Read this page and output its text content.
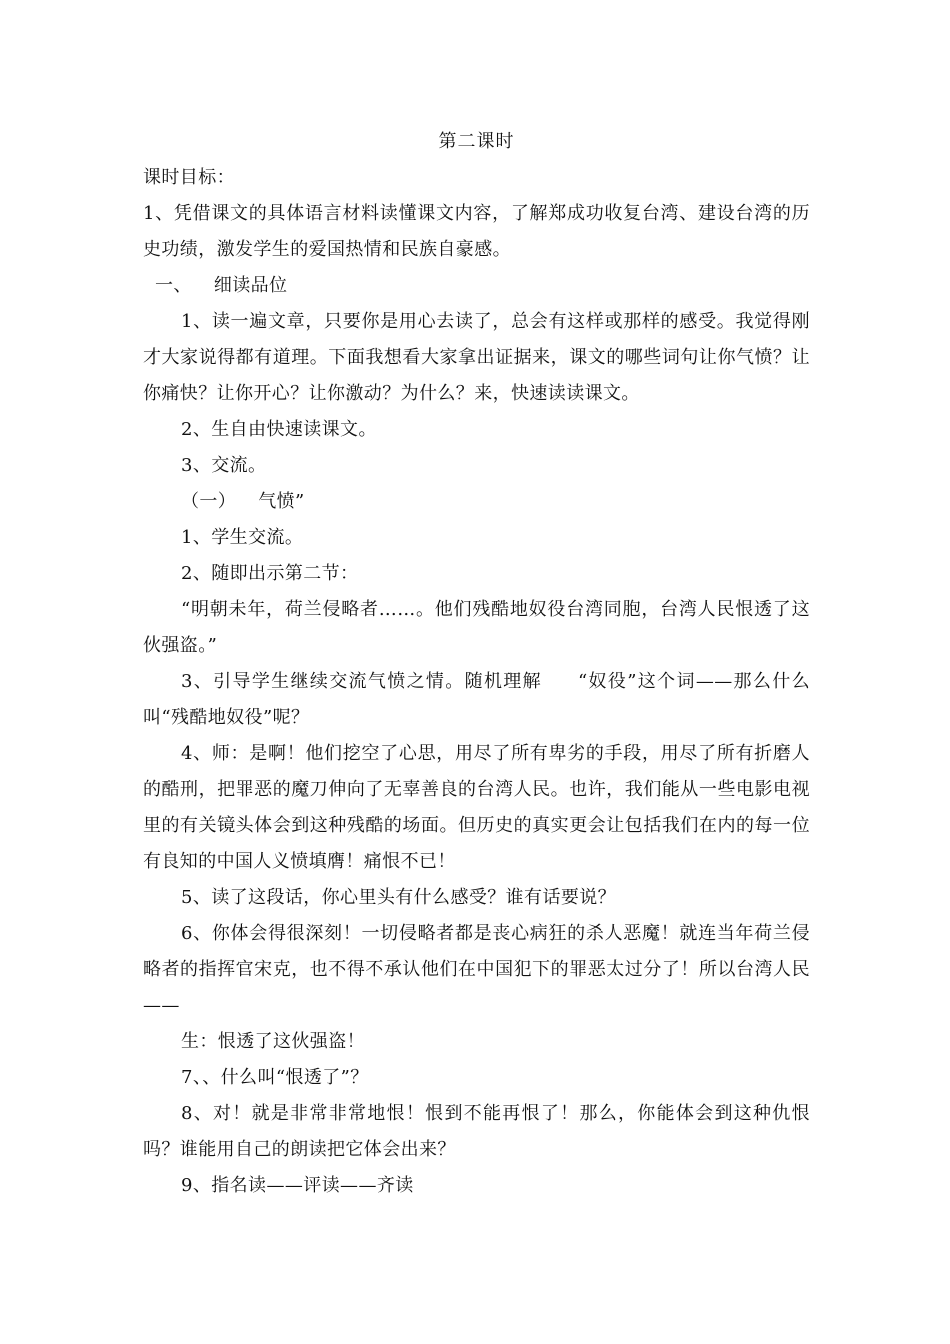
第二课时

课时目标：

1、凭借课文的具体语言材料读懂课文内容，了解郑成功收复台湾、建设台湾的历史功绩，激发学生的爱国热情和民族自豪感。

一、 细读品位

1、读一遍文章，只要你是用心去读了，总会有这样或那样的感受。我觉得刚才大家说得都有道理。下面我想看大家拿出证据来，课文的哪些词句让你气愤？让你痛快？让你开心？让你激动？为什么？来，快速读读课文。

2、生自由快速读课文。

3、交流。

（一） 气愤”

1、学生交流。

2、随即出示第二节：

“明朝未年，荷兰侵略者……。他们残酷地奴役台湾同胞，台湾人民恨透了这伙强盗。”

3、引导学生继续交流气愤之情。随机理解 “奴役”这个词——那么什么叫“残酷地奴役”呢？

4、师：是啊！他们挖空了心思，用尽了所有卑劣的手段，用尽了所有折磨人的酷刑，把罪恶的魔刀伸向了无辜善良的台湾人民。也许，我们能从一些电影电视里的有关镜头体会到这种残酷的场面。但历史的真实更会让包括我们在内的每一位有良知的中国人义愤填膺！痛恨不已！

5、读了这段话，你心里头有什么感受？谁有话要说？

6、你体会得很深刻！一切侵略者都是丧心病狂的杀人恶魔！就连当年荷兰侵略者的指挥官宋克，也不得不承认他们在中国犯下的罪恶太过分了！所以台湾人民——

生：恨透了这伙强盗！

7、、什么叫“恨透了”？

8、对！就是非常非常地恨！恨到不能再恨了！那么，你能体会到这种仇恨吗？谁能用自己的朗读把它体会出来？

9、指名读——评读——齐读
